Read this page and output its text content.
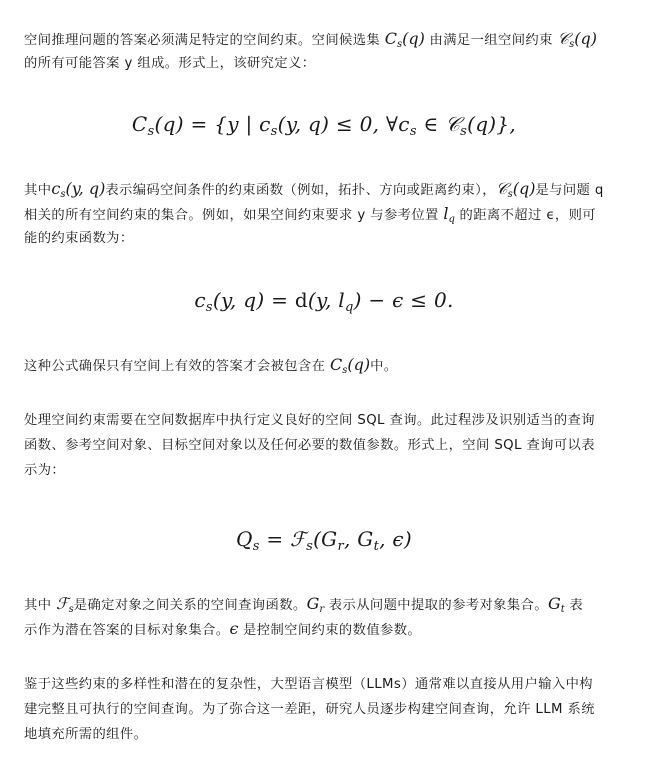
空间推理问题的答案必须满足特定的空间约束。空间候选集 $C_s(q)$ 由满足一组空间约束 𝒞$_s$(q)
的所有可能答案 y 组成。形式上，该研究定义：
$C_s(q) = \{y$ | $c_s(y$, q) ≤ 0, $\forall c_s$ ∈ 𝒞$_s$(q)},
其中$c_s(y$, q)表示编码空间条件的约束函数（例如，拓扑、方向或距离约束），𝒞$_s$(q)是与问题 q
相关的所有空间约束的集合。例如，如果空间约束要求 y 与参考位置 $l_q$ 的距离不超过 ϵ，则可
能的约束函数为：
$c_s(y$, q) = d(y, $l_q) - \epsilon \le 0$.
这种公式确保只有空间上有效的答案才会被包含在 $C_s(q)$中。
处理空间约束需要在空间数据库中执行定义良好的空间 SQL 查询。此过程涉及识别适当的查询
函数、参考空间对象、目标空间对象以及任何必要的数值参数。形式上，空间 SQL 查询可以表
示为：
$Q_s$ = $ℱ_s(G_r$, $G_t$, ϵ)
其中 ℱ$_s$是确定对象之间关系的空间查询函数。$G_r$ 表示从问题中提取的参考对象集合。$G_t$ 表
示作为潜在答案的目标对象集合。ϵ 是控制空间约束的数值参数。
鉴于这些约束的多样性和潜在的复杂性，大型语言模型（LLMs）通常难以直接从用户输入中构
建完整且可执行的空间查询。为了弥合这一差距，研究人员逐步构建空间查询，允许 LLM 系统
地填充所需的组件。
